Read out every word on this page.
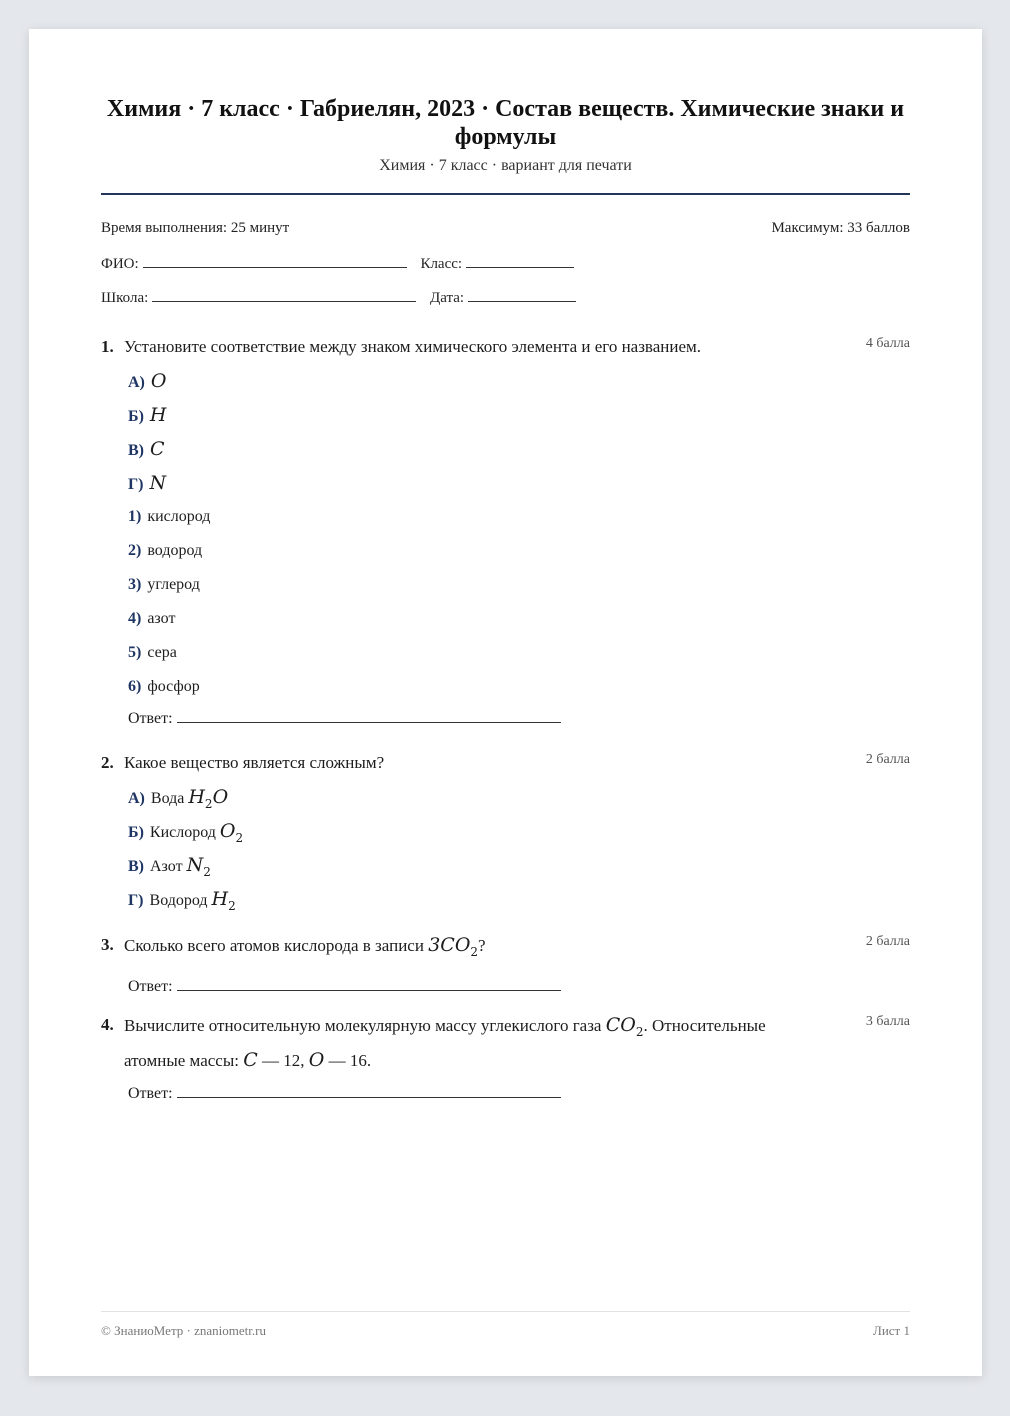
Химия · 7 класс · Габриелян, 2023 · Состав веществ. Химические знаки и формулы
Химия · 7 класс · вариант для печати
Время выполнения: 25 минут	Максимум: 33 баллов
ФИО:	Класс:
Школа:	Дата:
1. Установите соответствие между знаком химического элемента и его названием.	4 балла
А) O
Б) H
В) C
Г) N
1) кислород
2) водород
3) углерод
4) азот
5) сера
6) фосфор
Ответ:
2. Какое вещество является сложным?	2 балла
А) Вода $H_2O$
Б) Кислород $O_2$
В) Азот $N_2$
Г) Водород $H_2$
3. Сколько всего атомов кислорода в записи $3CO_2$?	2 балла
Ответ:
4. Вычислите относительную молекулярную массу углекислого газа $CO_2$. Относительные атомные массы: C — 12, O — 16.
3 балла
Ответ:
© ЗнаниоМетр · znaniometr.ru	Лист 1
